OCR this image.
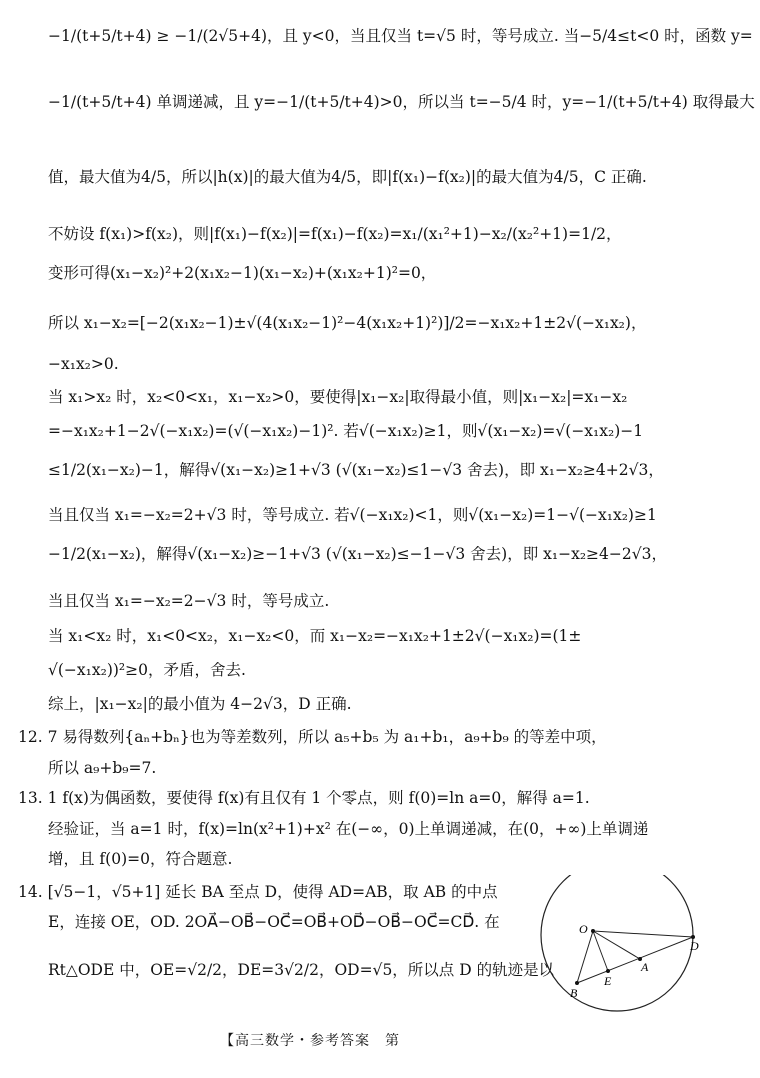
−1/(t+5/t+4) ≥ −1/(2√5+4)，且 y<0，当且仅当 t=√5 时，等号成立. 当−5/4≤t<0 时，函数 y=
−1/(t+5/t+4) 单调递减，且 y=−1/(t+5/t+4)>0，所以当 t=−5/4 时，y=−1/(t+5/t+4) 取得最大
值，最大值为4/5，所以|h(x)|的最大值为4/5，即|f(x₁)−f(x₂)|的最大值为4/5，C 正确.
不妨设 f(x₁)>f(x₂)，则|f(x₁)−f(x₂)|=f(x₁)−f(x₂)=x₁/(x₁²+1)−x₂/(x₂²+1)=1/2，
变形可得(x₁−x₂)²+2(x₁x₂−1)(x₁−x₂)+(x₁x₂+1)²=0，
所以 x₁−x₂=[−2(x₁x₂−1)±√(4(x₁x₂−1)²−4(x₁x₂+1)²)]/2=−x₁x₂+1±2√(−x₁x₂)，
−x₁x₂>0.
当 x₁>x₂ 时，x₂<0<x₁，x₁−x₂>0，要使得|x₁−x₂|取得最小值，则|x₁−x₂|=x₁−x₂
=−x₁x₂+1−2√(−x₁x₂)=(√(−x₁x₂)−1)². 若√(−x₁x₂)≥1，则√(x₁−x₂)=√(−x₁x₂)−1
≤1/2(x₁−x₂)−1，解得√(x₁−x₂)≥1+√3 (√(x₁−x₂)≤1−√3 舍去)，即 x₁−x₂≥4+2√3，
当且仅当 x₁=−x₂=2+√3 时，等号成立. 若√(−x₁x₂)<1，则√(x₁−x₂)=1−√(−x₁x₂)≥1
−1/2(x₁−x₂)，解得√(x₁−x₂)≥−1+√3 (√(x₁−x₂)≤−1−√3 舍去)，即 x₁−x₂≥4−2√3，
当且仅当 x₁=−x₂=2−√3 时，等号成立.
当 x₁<x₂ 时，x₁<0<x₂，x₁−x₂<0，而 x₁−x₂=−x₁x₂+1±2√(−x₁x₂)=(1±
√(−x₁x₂))²≥0，矛盾，舍去.
综上，|x₁−x₂|的最小值为 4−2√3，D 正确.
12. 7 易得数列{aₙ+bₙ}也为等差数列，所以 a₅+b₅ 为 a₁+b₁，a₉+b₉ 的等差中项，
所以 a₉+b₉=7.
13. 1 f(x)为偶函数，要使得 f(x)有且仅有 1 个零点，则 f(0)=ln a=0，解得 a=1.
经验证，当 a=1 时，f(x)=ln(x²+1)+x² 在(−∞，0)上单调递减，在(0，+∞)上单调递
增，且 f(0)=0，符合题意.
14. [√5−1，√5+1] 延长 BA 至点 D，使得 AD=AB，取 AB 的中点
E，连接 OE，OD. 2OA⃗−OB⃗−OC⃗=OB⃗+OD⃗−OB⃗−OC⃗=CD⃗. 在
Rt△ODE 中，OE=√2/2，DE=3√2/2，OD=√5，所以点 D 的轨迹是以
O
D
A
E
B
【高三数学・参考答案　第
